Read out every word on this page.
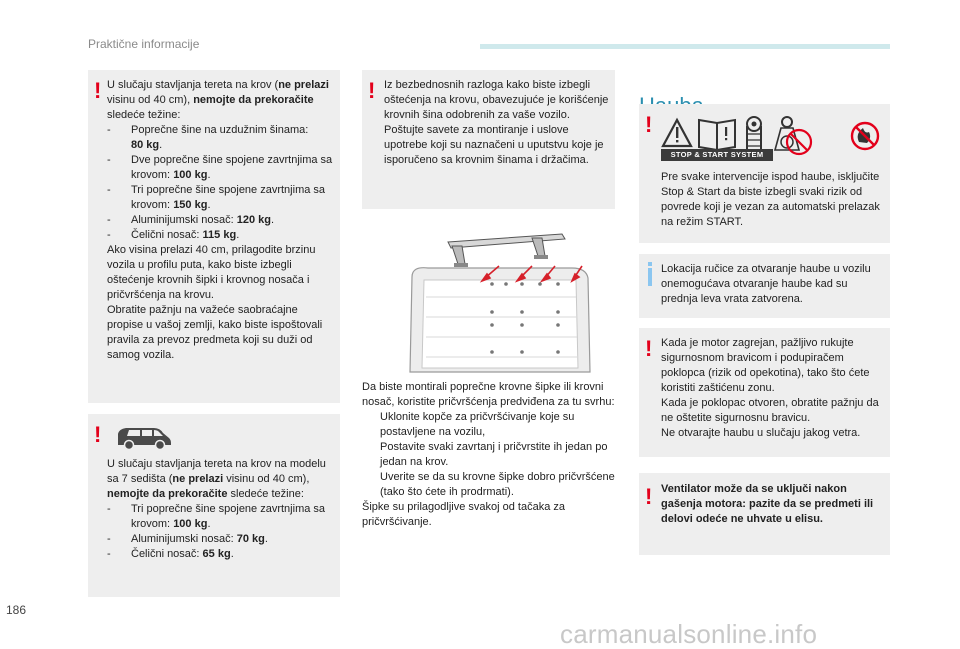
Praktične informacije
! U slučaju stavljanja tereta na krov (ne prelazi visinu od 40 cm), nemojte da prekoračite sledeće težine:

-	Poprečne šine na uzdužnim šinama:
80 kg.
-	Dve poprečne šine spojene zavrtnjima sa krovom: 100 kg.
-	Tri poprečne šine spojene zavrtnjima sa krovom: 150 kg.
-	Aluminijumski nosač: 120 kg.
-	Čelični nosač: 115 kg.

Ako visina prelazi 40 cm, prilagodite brzinu vozila u profilu puta, kako biste izbegli oštećenje krovnih šipki i krovnog nosača i pričvršćenja na krovu.

Obratite pažnju na važeće saobraćajne propise u vašoj zemlji, kako biste ispoštovali pravila za prevoz predmeta koji su duži od samog vozila.

!

U slučaju stavljanja tereta na krov na modelu sa 7 sedišta (ne prelazi visinu od 40 cm), nemojte da prekoračite sledeće težine:

-	Tri poprečne šine spojene zavrtnjima sa krovom: 100 kg.
-	Aluminijumski nosač: 70 kg.
-	Čelični nosač: 65 kg.
! Iz bezbednosnih razloga kako biste izbegli oštećenja na krovu, obavezujuće je korišćenje krovnih šina odobrenih za vaše vozilo.

Poštujte savete za montiranje i uslove upotrebe koji su naznačeni u uputstvu koje je isporučeno sa krovnim šinama i držačima.

Da biste montirali poprečne krovne šipke ili krovni nosač, koristite pričvršćenja predviđena za tu svrhu:

Uklonite kopče za pričvršćivanje koje su postavljene na vozilu,
Postavite svaki zavrtanj i pričvrstite ih jedan po jedan na krov.
Uverite se da su krovne šipke dobro pričvršćene (tako što ćete ih prodrmati).

Šipke su prilagodljive svakoj od tačaka za pričvršćivanje.

!
STOP & START SYSTEM

Pre svake intervencije ispod haube, isključite Stop & Start da biste izbegli svaki rizik od povrede koji je vezan za automatski prelazak na režim START.

Lokacija ručice za otvaranje haube u vozilu onemogućava otvaranje haube kad su prednja leva vrata zatvorena.

! Kada je motor zagrejan, pažljivo rukujte sigurnosnom bravicom i podupiračem poklopca (rizik od opekotina), tako što ćete koristiti zaštićenu zonu.

Kada je poklopac otvoren, obratite pažnju da ne oštetite sigurnosnu bravicu.

Ne otvarajte haubu u slučaju jakog vetra.

! Ventilator može da se uključi nakon gašenja motora: pazite da se predmeti ili delovi odeće ne uhvate u elisu.

186
carmanualsonline.info
